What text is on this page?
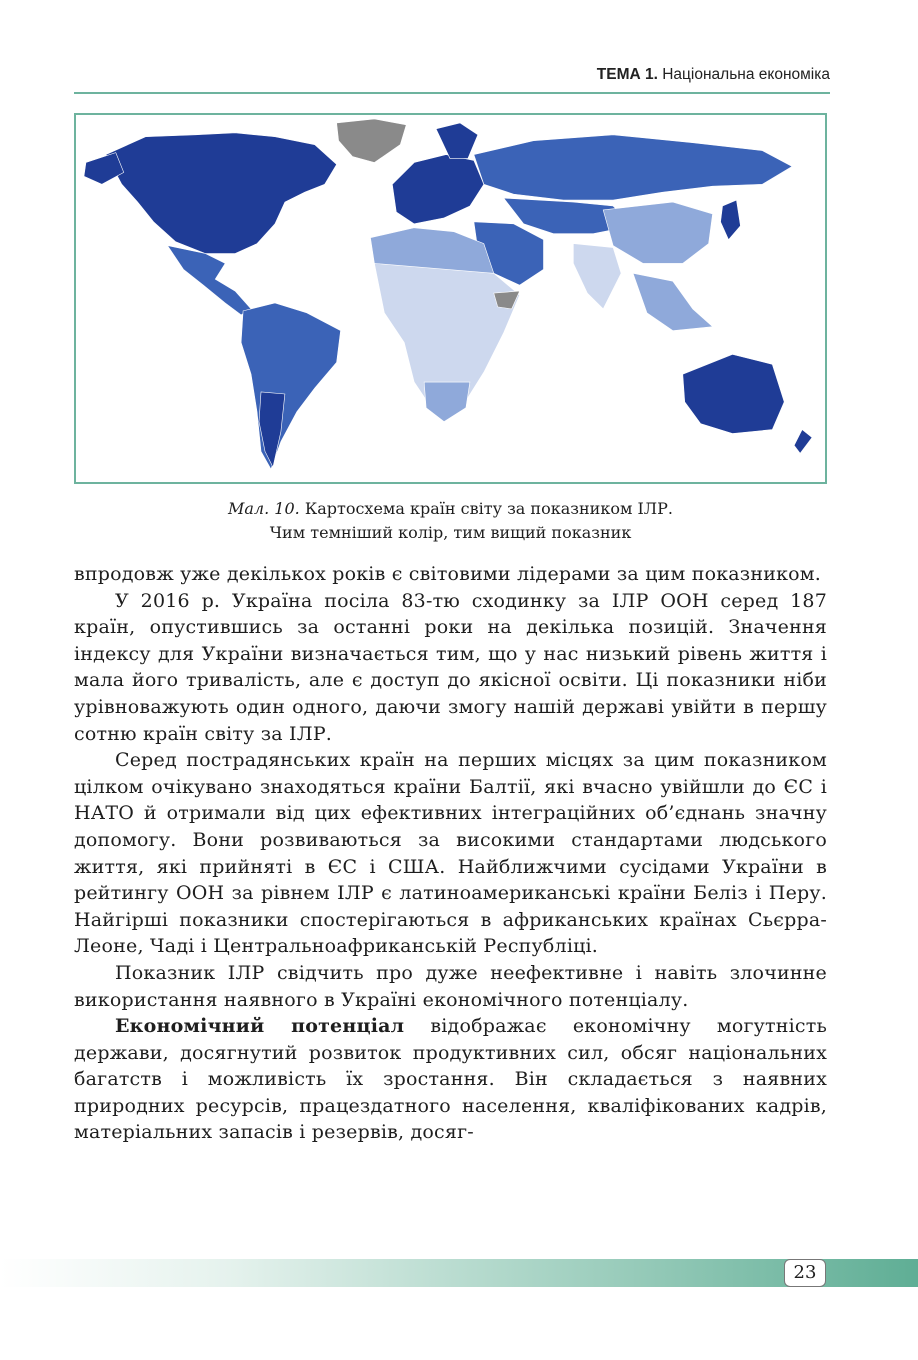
ТЕМА 1. Національна економіка
Мал. 10. Картосхема країн світу за показником ІЛР.
Чим темніший колір, тим вищий показник

впродовж уже декількох років є світовими лідерами за цим показником.

У 2016 р. Україна посіла 83-тю сходинку за ІЛР ООН серед 187 країн, опустившись за останні роки на декілька позицій. Значення індексу для України визначається тим, що у нас низький рівень життя і мала його тривалість, але є доступ до якісної освіти. Ці показники ніби урівноважують один одного, даючи змогу нашій державі увійти в першу сотню країн світу за ІЛР.

Серед пострадянських країн на перших місцях за цим показником цілком очікувано знаходяться країни Балтії, які вчасно увійшли до ЄС і НАТО й отримали від цих ефективних інтеграційних об’єднань значну допомогу. Вони розвиваються за високими стандартами людського життя, які прийняті в ЄС і США. Найближчими сусідами України в рейтингу ООН за рівнем ІЛР є латиноамериканські країни Беліз і Перу. Найгірші показники спостерігаються в африканських країнах Сьєрра-Леоне, Чаді і Центральноафриканській Республіці.

Показник ІЛР свідчить про дуже неефективне і навіть злочинне використання наявного в Україні економічного потенціалу.

Економічний потенціал відображає економічну могутність держави, досягнутий розвиток продуктивних сил, обсяг національних багатств і можливість їх зростання. Він складається з наявних природних ресурсів, працездатного населення, кваліфікованих кадрів, матеріальних запасів і резервів, досяг-

23
